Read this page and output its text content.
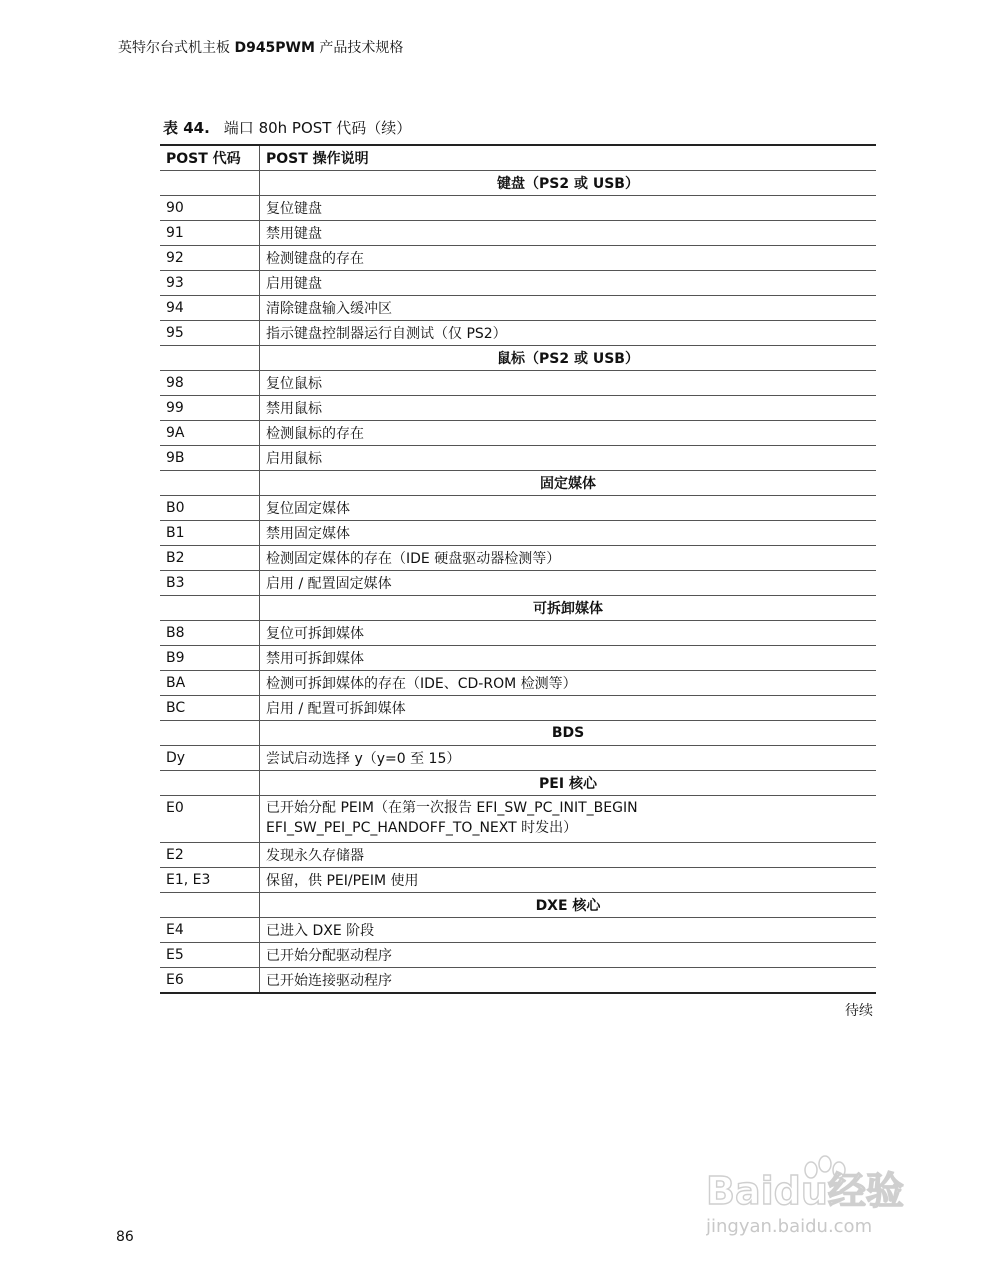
英特尔台式机主板 D945PWM 产品技术规格
表 44. 端口 80h POST 代码（续）
POST 代码	POST 操作说明
	键盘（PS2 或 USB）
90	复位键盘
91	禁用键盘
92	检测键盘的存在
93	启用键盘
94	清除键盘输入缓冲区
95	指示键盘控制器运行自测试（仅 PS2）
	鼠标（PS2 或 USB）
98	复位鼠标
99	禁用鼠标
9A	检测鼠标的存在
9B	启用鼠标
	固定媒体
B0	复位固定媒体
B1	禁用固定媒体
B2	检测固定媒体的存在（IDE 硬盘驱动器检测等）
B3	启用 / 配置固定媒体
	可拆卸媒体
B8	复位可拆卸媒体
B9	禁用可拆卸媒体
BA	检测可拆卸媒体的存在（IDE、CD-ROM 检测等）
BC	启用 / 配置可拆卸媒体
	BDS
Dy	尝试启动选择 y（y=0 至 15）
	PEI 核心
E0	已开始分配 PEIM（在第一次报告 EFI_SW_PC_INIT_BEGIN
EFI_SW_PEI_PC_HANDOFF_TO_NEXT 时发出）

E2	发现永久存储器
E1, E3	保留，供 PEI/PEIM 使用
	DXE 核心
E4	已进入 DXE 阶段
E5	已开始分配驱动程序
E6	已开始连接驱动程序
待续
86
Baidu经验
jingyan.baidu.com
